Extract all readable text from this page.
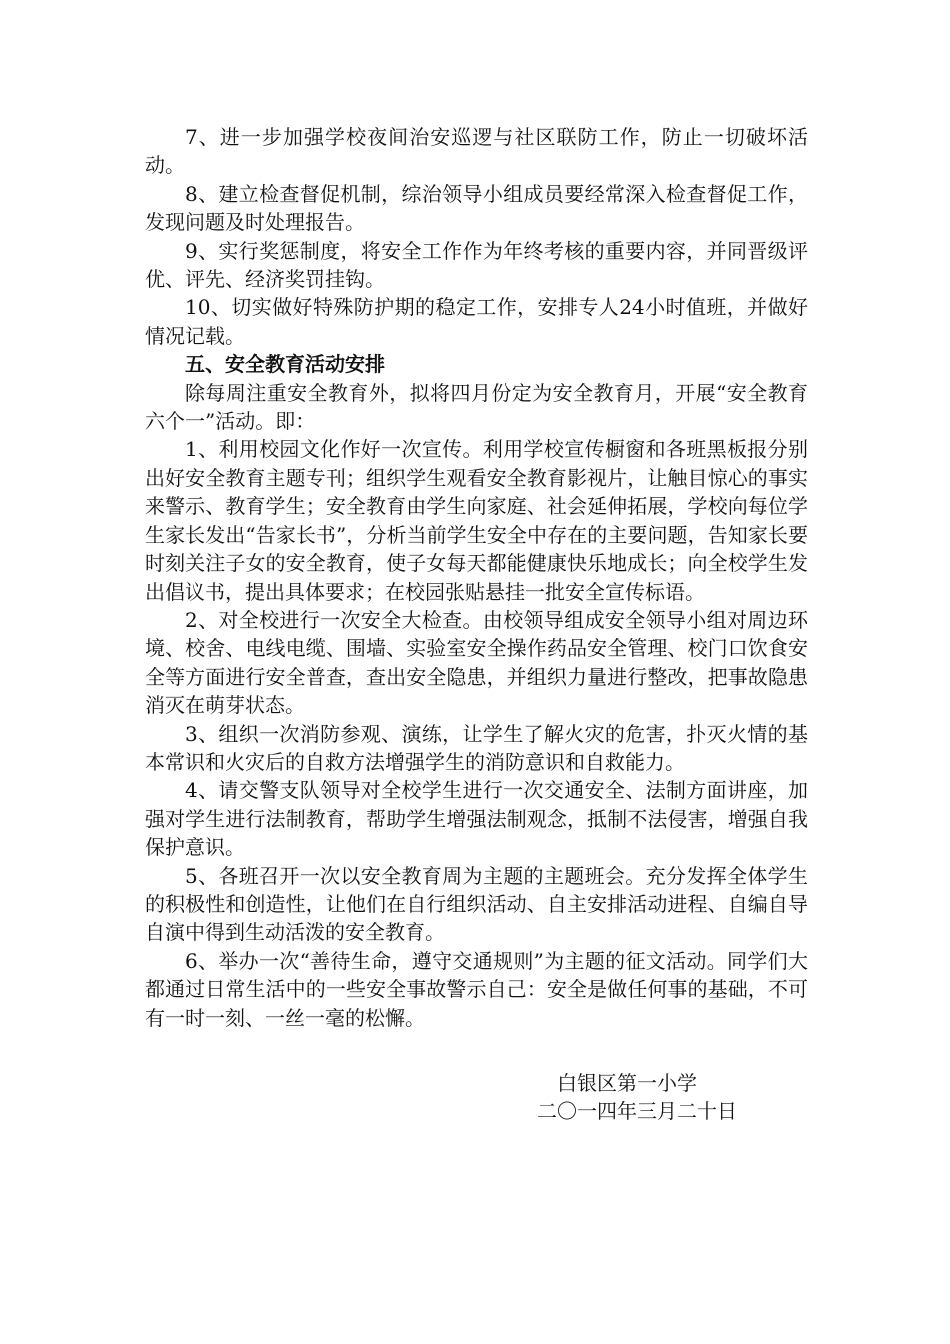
7、进一步加强学校夜间治安巡逻与社区联防工作，防止一切破坏活动。

8、建立检查督促机制，综治领导小组成员要经常深入检查督促工作，发现问题及时处理报告。

9、实行奖惩制度，将安全工作作为年终考核的重要内容，并同晋级评优、评先、经济奖罚挂钩。

10、切实做好特殊防护期的稳定工作，安排专人24小时值班，并做好情况记载。

五、安全教育活动安排

除每周注重安全教育外，拟将四月份定为安全教育月，开展“安全教育六个一”活动。即：

1、利用校园文化作好一次宣传。利用学校宣传橱窗和各班黑板报分别出好安全教育主题专刊；组织学生观看安全教育影视片，让触目惊心的事实来警示、教育学生；安全教育由学生向家庭、社会延伸拓展，学校向每位学生家长发出“告家长书”，分析当前学生安全中存在的主要问题，告知家长要时刻关注子女的安全教育，使子女每天都能健康快乐地成长；向全校学生发出倡议书，提出具体要求；在校园张贴悬挂一批安全宣传标语。

2、对全校进行一次安全大检查。由校领导组成安全领导小组对周边环境、校舍、电线电缆、围墙、实验室安全操作药品安全管理、校门口饮食安全等方面进行安全普查，查出安全隐患，并组织力量进行整改，把事故隐患消灭在萌芽状态。

3、组织一次消防参观、演练，让学生了解火灾的危害，扑灭火情的基本常识和火灾后的自救方法增强学生的消防意识和自救能力。

4、请交警支队领导对全校学生进行一次交通安全、法制方面讲座，加强对学生进行法制教育，帮助学生增强法制观念，抵制不法侵害，增强自我保护意识。

5、各班召开一次以安全教育周为主题的主题班会。充分发挥全体学生的积极性和创造性，让他们在自行组织活动、自主安排活动进程、自编自导自演中得到生动活泼的安全教育。

6、举办一次“善待生命，遵守交通规则”为主题的征文活动。同学们大都通过日常生活中的一些安全事故警示自己：安全是做任何事的基础，不可有一时一刻、一丝一毫的松懈。

白银区第一小学
二〇一四年三月二十日
